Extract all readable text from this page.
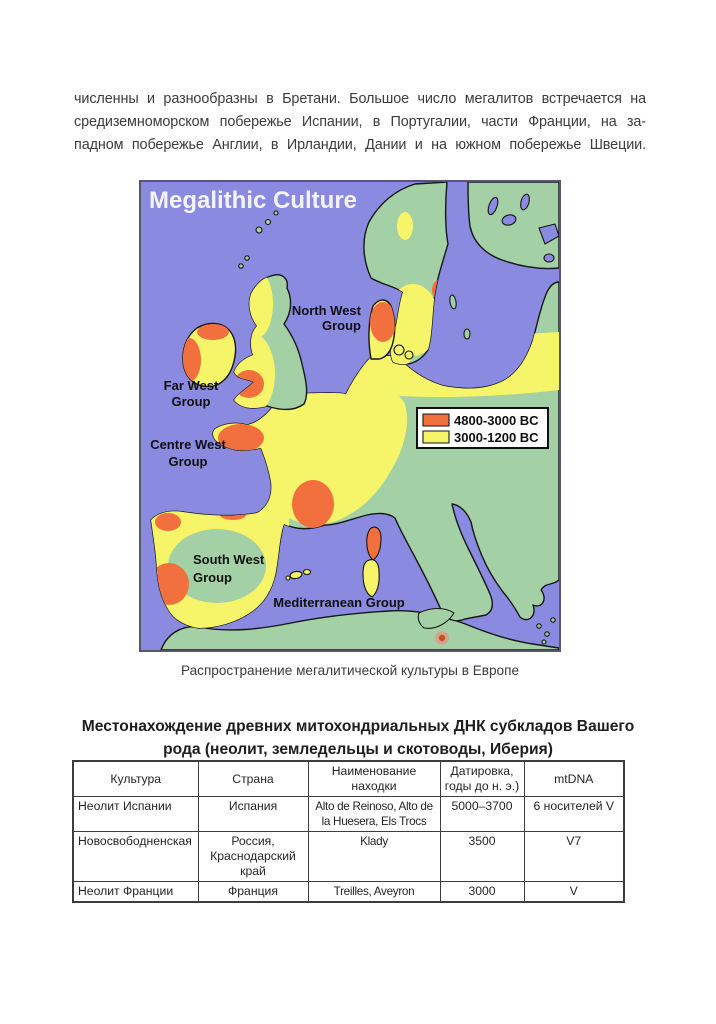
численны и разнообразны в Бретани. Большое число мегалитов встречается на
средиземноморском побережье Испании, в Португалии, части Франции, на за-
падном побережье Англии, в Ирландии, Дании и на южном побережье Швеции.
4800-3000 BC
3000-1200 BC
North West
Group
Far West
Group
Centre West
Group
South West
Group
Mediterranean Group
Megalithic Culture
Распространение мегалитической культуры в Европе
Местонахождение древних митохондриальных ДНК субкладов Вашего
рода (неолит, земледельцы и скотоводы, Иберия)
Культура	Страна	Наименование находки	Датировка, годы до н. э.)	mtDNA
Неолит Испании	Испания	Alto de Reinoso, Alto de la Huesera, Els Trocs	5000–3700	6 носителей V
Новосвободненская	Россия, Краснодарский край	Klady	3500	V7
Неолит Франции	Франция	Treilles, Aveyron	3000	V
